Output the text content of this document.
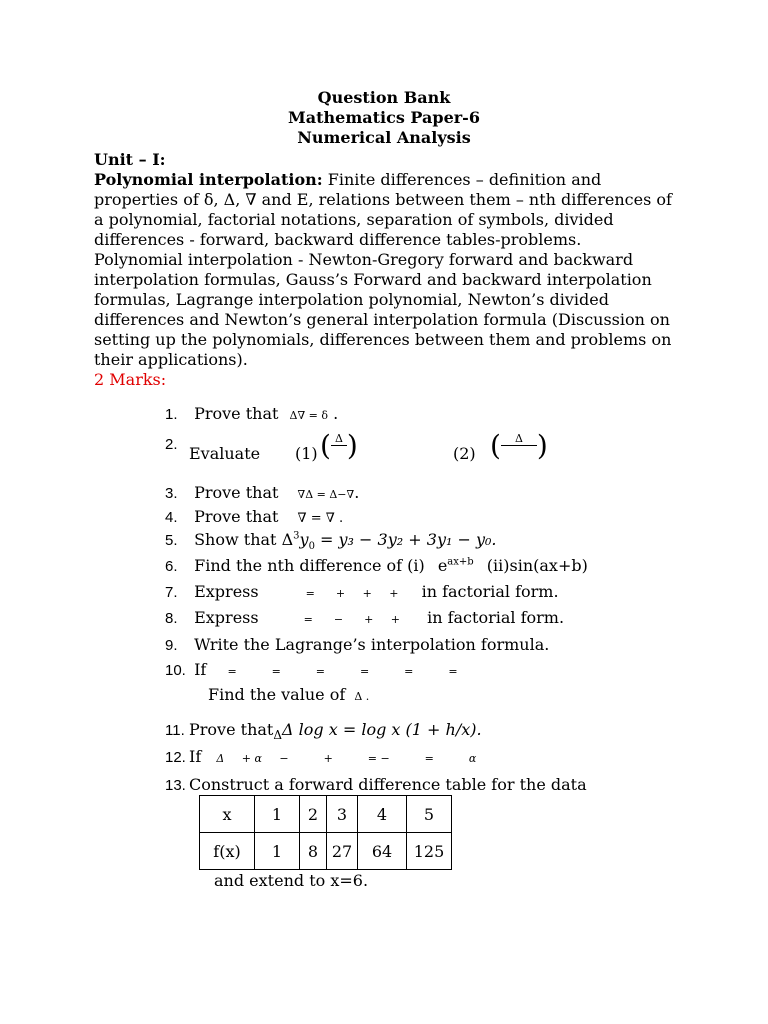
Question Bank
Mathematics Paper-6
Numerical Analysis
Unit – I:
Polynomial interpolation: Finite differences – definition and properties of δ, Δ, ∇ and E, relations between them – nth differences of a polynomial, factorial notations, separation of symbols, divided differences - forward, backward difference tables-problems. Polynomial interpolation - Newton-Gregory forward and backward interpolation formulas, Gauss’s Forward and backward interpolation formulas, Lagrange interpolation polynomial, Newton’s divided differences and Newton’s general interpolation formula (Discussion on setting up the polynomials, differences between them and problems on their applications).
2 Marks:
1. Prove that Δ∇ = δ .
2. Evaluate (1) ( Δ
)	(2) (	Δ
)
3. Prove that ∇Δ = Δ−∇.
4. Prove that ∇ = ∇ .
5. Show that $\Delta^3y_0 = y_3 - 3y_2 + 3y_1 - y_0$.
6. Find the nth difference of (i) $e^{ax+b}$ (ii)sin(ax+b)
7. Express	=      +     +     + in factorial form.
8. Express	=      −      +     + in factorial form.
9. Write the Lagrange’s interpolation formula.
10. If =          =          =          =          =          =
Find the value of Δ .
11. Prove that$_\Delta$Δ log x = log x (1 + h/x).
12. If Δ     + α     −          +          = −          =          α
13. Construct a forward difference table for the data
x	1	2	3	4	5
f(x)	1	8	27	64	125
and extend to x=6.
